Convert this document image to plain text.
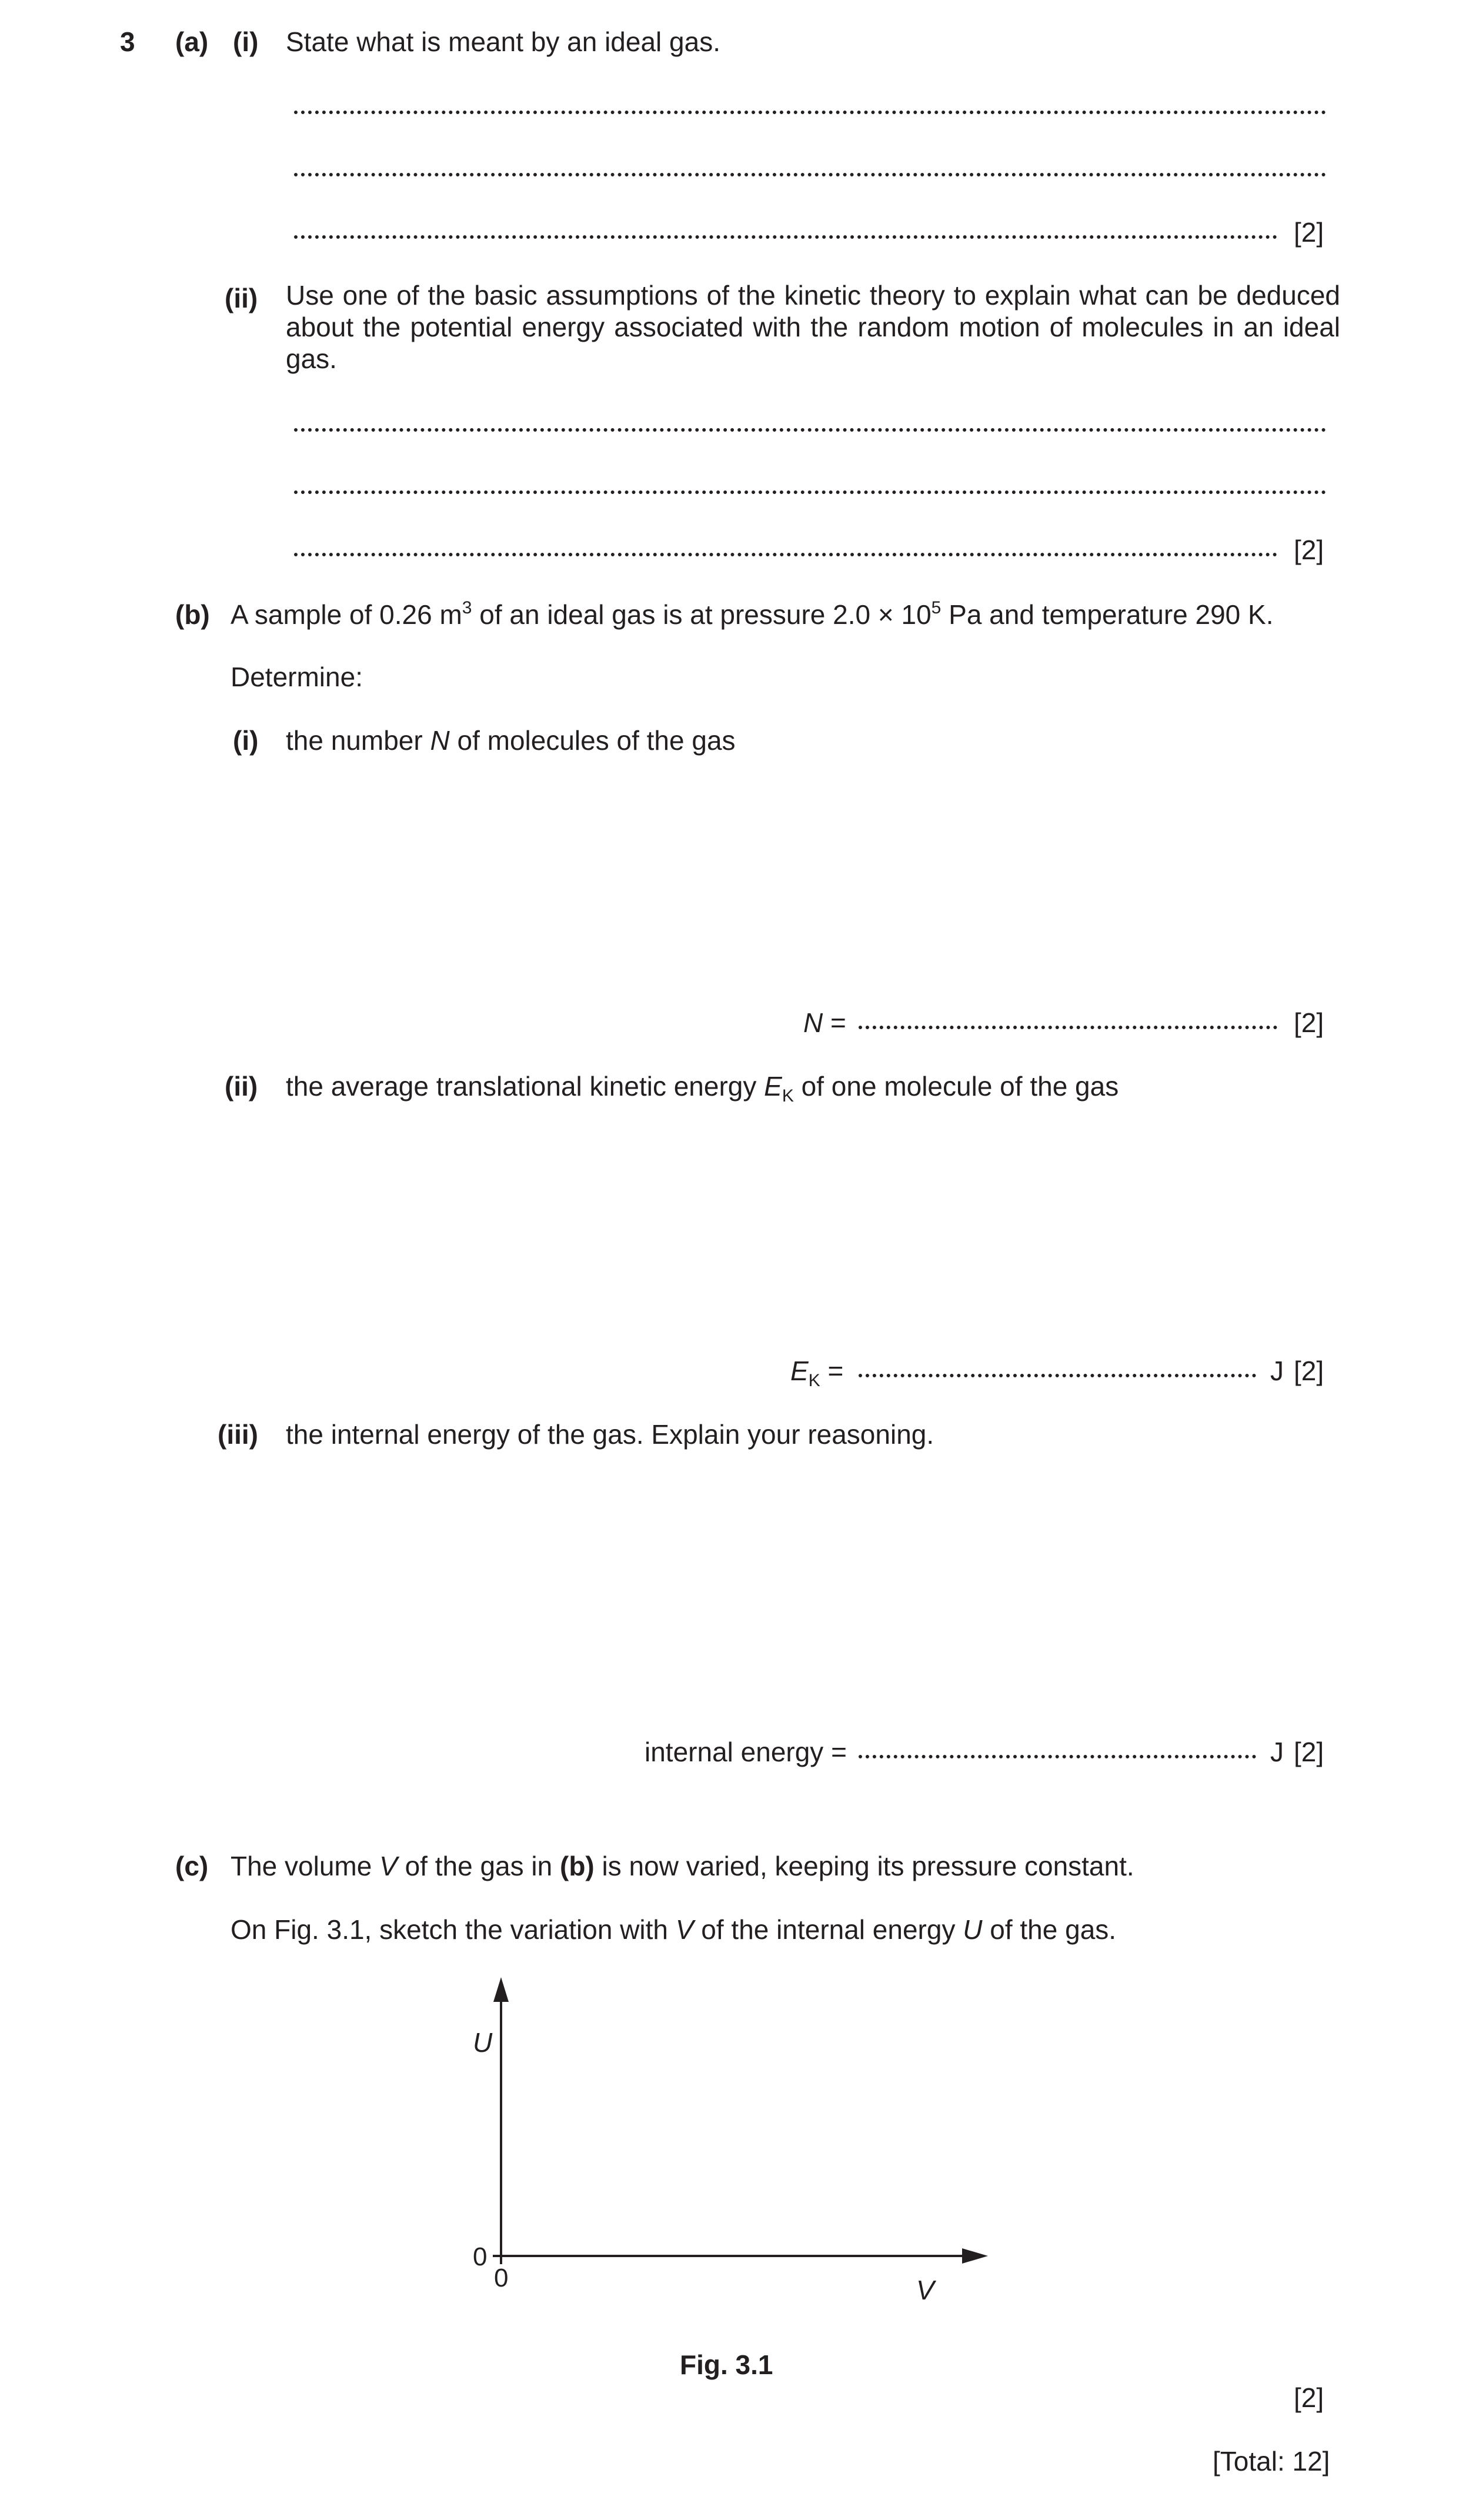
3 (a) (i) State what is meant by an ideal gas.
[2]
(ii) Use one of the basic assumptions of the kinetic theory to explain what can be deduced about the potential energy associated with the random motion of molecules in an ideal gas.
[2]
(b) A sample of 0.26 $m^3$ of an ideal gas is at pressure $2.0 \times 10^5$ Pa and temperature 290 K.
Determine:
(i) the number N of molecules of the gas
N =	[2]
(ii) the average translational kinetic energy $E_K$ of one molecule of the gas
$E_K$ =	J [2]
(iii) the internal energy of the gas. Explain your reasoning.
internal energy =	J [2]
(c) The volume V of the gas in (b) is now varied, keeping its pressure constant.
On Fig. 3.1, sketch the variation with V of the internal energy U of the gas.
U
V
0
0
Fig. 3.1
[2]
[Total: 12]
